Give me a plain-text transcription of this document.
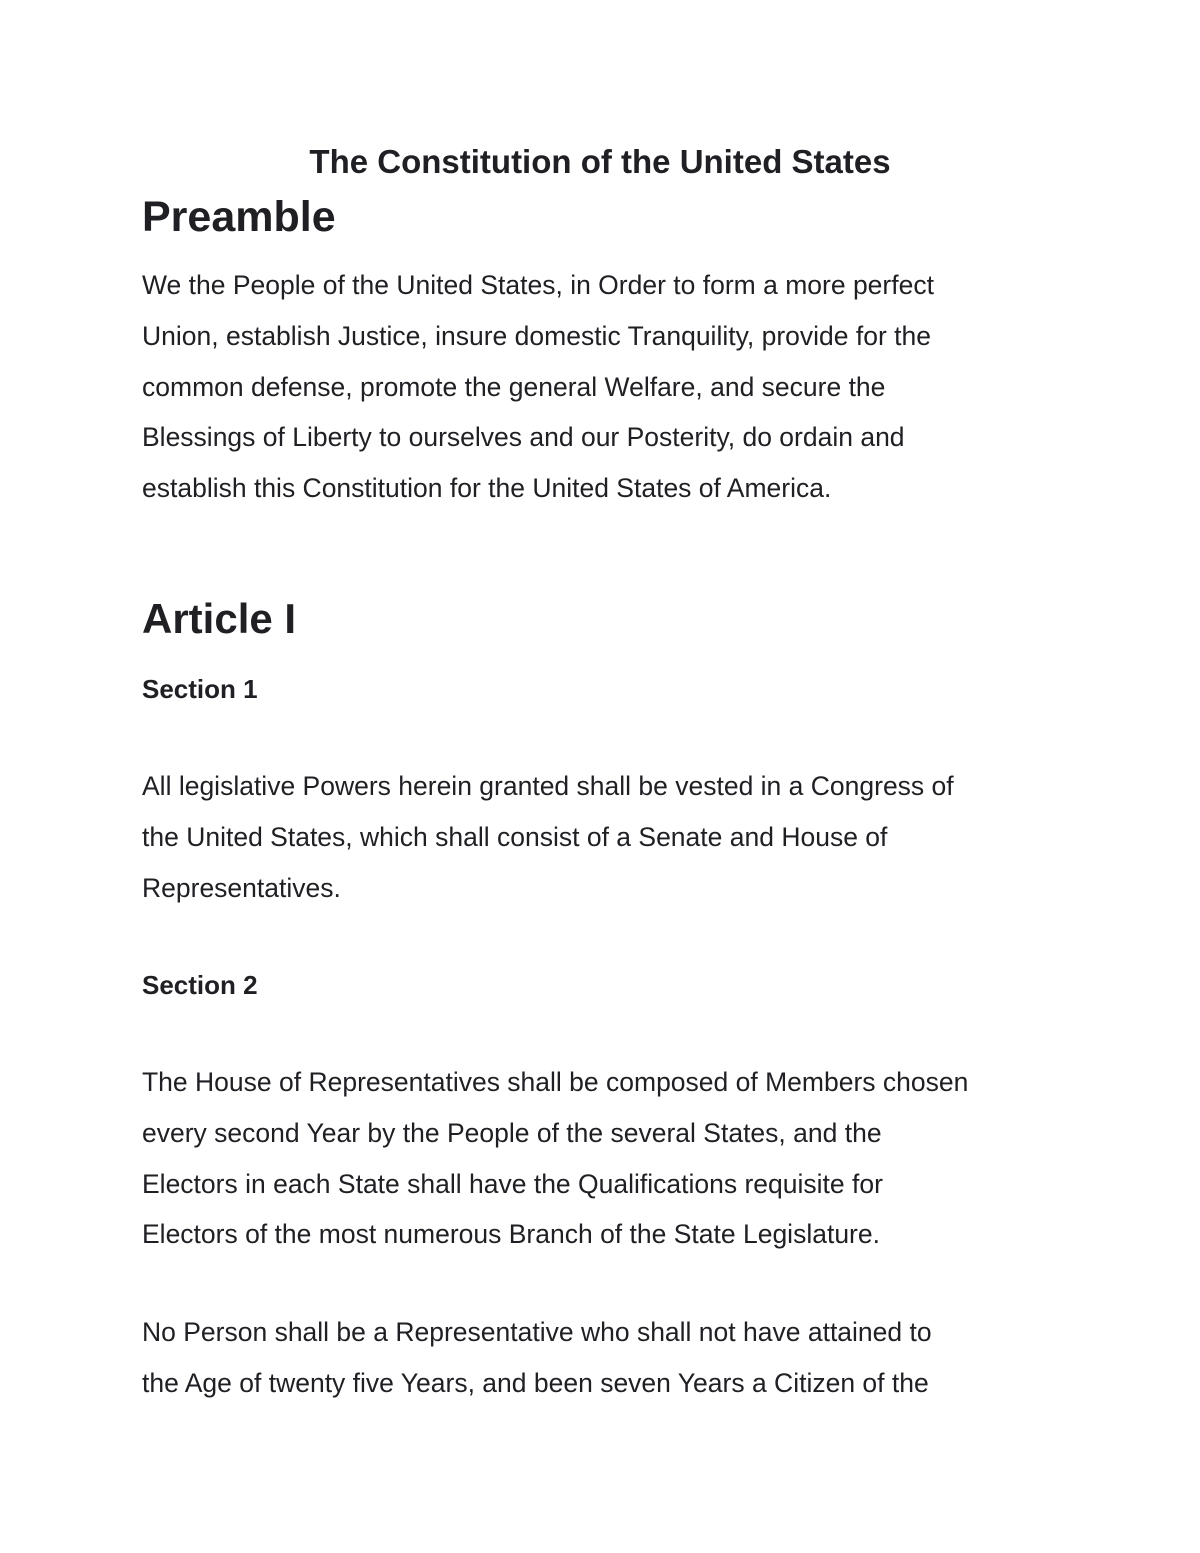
The Constitution of the United States
Preamble

We the People of the United States, in Order to form a more perfect
Union, establish Justice, insure domestic Tranquility, provide for the
common defense, promote the general Welfare, and secure the
Blessings of Liberty to ourselves and our Posterity, do ordain and
establish this Constitution for the United States of America.

Article I
Section 1

All legislative Powers herein granted shall be vested in a Congress of
the United States, which shall consist of a Senate and House of
Representatives.

Section 2

The House of Representatives shall be composed of Members chosen
every second Year by the People of the several States, and the
Electors in each State shall have the Qualifications requisite for
Electors of the most numerous Branch of the State Legislature.

No Person shall be a Representative who shall not have attained to
the Age of twenty five Years, and been seven Years a Citizen of the
